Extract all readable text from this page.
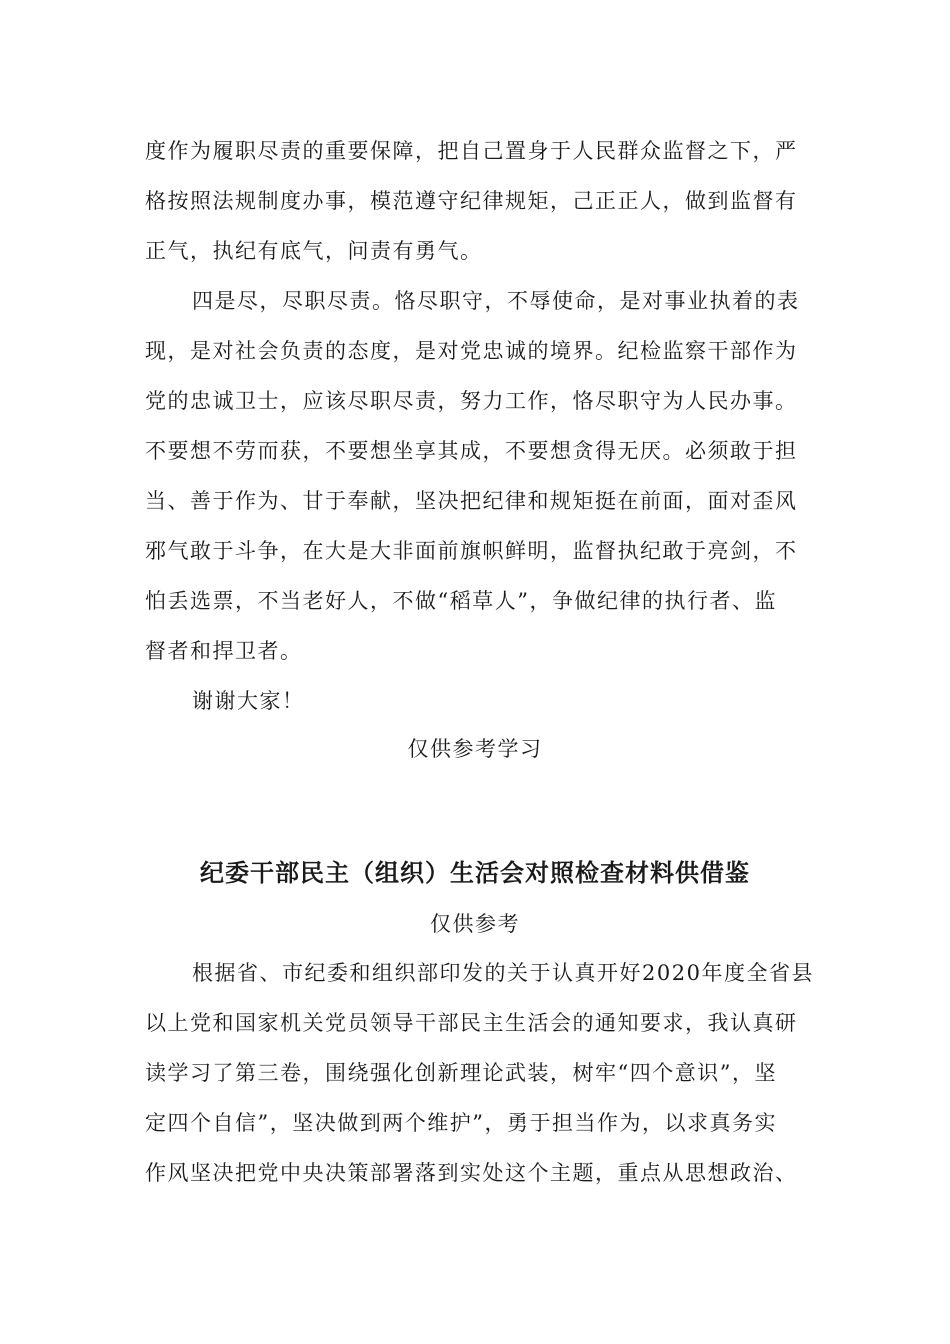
度作为履职尽责的重要保障，把自己置身于人民群众监督之下，严
格按照法规制度办事，模范遵守纪律规矩，己正正人，做到监督有
正气，执纪有底气，问责有勇气。
四是尽，尽职尽责。恪尽职守，不辱使命，是对事业执着的表
现，是对社会负责的态度，是对党忠诚的境界。纪检监察干部作为
党的忠诚卫士，应该尽职尽责，努力工作，恪尽职守为人民办事。
不要想不劳而获，不要想坐享其成，不要想贪得无厌。必须敢于担
当、善于作为、甘于奉献，坚决把纪律和规矩挺在前面，面对歪风
邪气敢于斗争，在大是大非面前旗帜鲜明，监督执纪敢于亮剑，不
怕丢选票，不当老好人，不做“稻草人”，争做纪律的执行者、监
督者和捍卫者。
谢谢大家！
仅供参考学习
纪委干部民主（组织）生活会对照检查材料供借鉴
仅供参考
根据省、市纪委和组织部印发的关于认真开好2020年度全省县
以上党和国家机关党员领导干部民主生活会的通知要求，我认真研
读学习了第三卷，围绕强化创新理论武装，树牢“四个意识”，坚
定四个自信”，坚决做到两个维护”，勇于担当作为，以求真务实
作风坚决把党中央决策部署落到实处这个主题，重点从思想政治、
